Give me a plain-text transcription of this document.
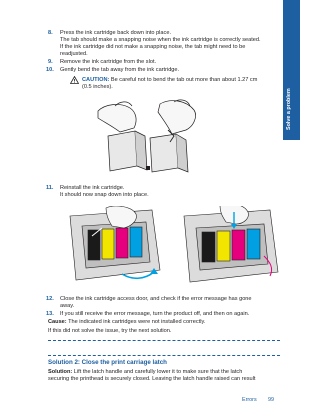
Solve a problem
8. Press the ink cartridge back down into place.
The tab should make a snapping noise when the ink cartridge is correctly seated.
If the ink cartridge did not make a snapping noise, the tab might need to be
readjusted.
9. Remove the ink cartridge from the slot.
10. Gently bend the tab away from the ink cartridge.
CAUTION: Be careful not to bend the tab out more than about 1.27 cm
(0.5 inches).
11. Reinstall the ink cartridge.
It should now snap down into place.
12. Close the ink cartridge access door, and check if the error message has gone
away.
13. If you still receive the error message, turn the product off, and then on again.
Cause: The indicated ink cartridges were not installed correctly.
If this did not solve the issue, try the next solution.
Solution 2: Close the print carriage latch
Solution: Lift the latch handle and carefully lower it to make sure that the latch
securing the printhead is securely closed. Leaving the latch handle raised can result
Errors 99
